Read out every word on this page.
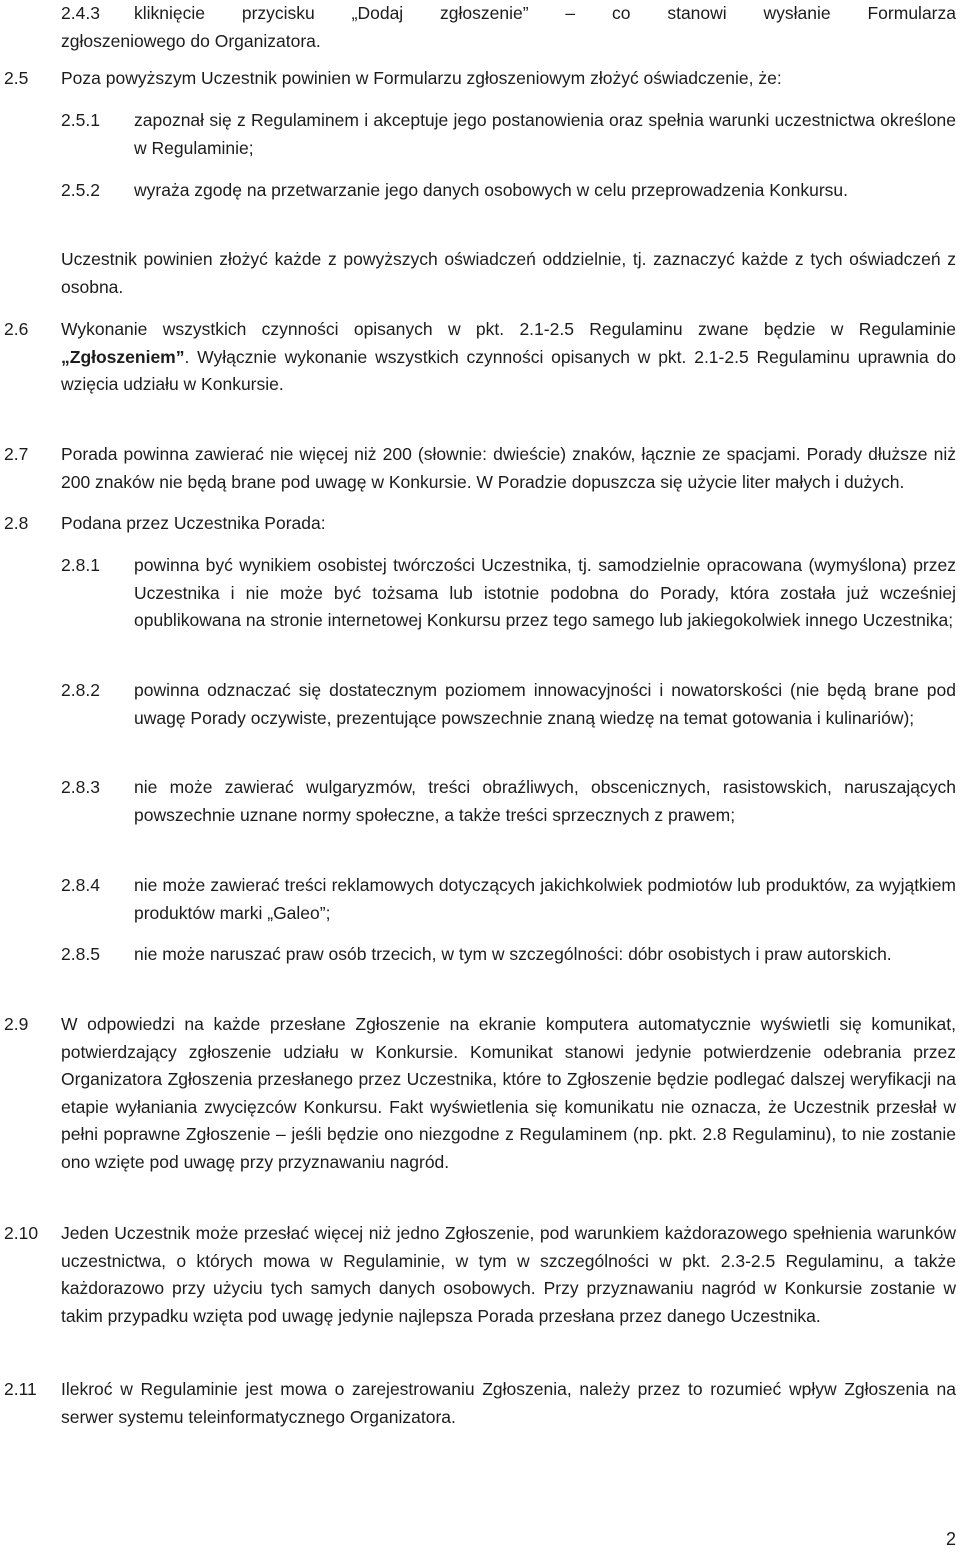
2.4.3 kliknięcie przycisku „Dodaj zgłoszenie” – co stanowi wysłanie Formularza

zgłoszeniowego do Organizatora.
2.5 Poza powyższym Uczestnik powinien w Formularzu zgłoszeniowym złożyć oświadczenie, że:
2.5.1 zapoznał się z Regulaminem i akceptuje jego postanowienia oraz spełnia warunki uczestnictwa określone w Regulaminie;
2.5.2 wyraża zgodę na przetwarzanie jego danych osobowych w celu przeprowadzenia Konkursu.
Uczestnik powinien złożyć każde z powyższych oświadczeń oddzielnie, tj. zaznaczyć każde z tych oświadczeń z osobna.
2.6 Wykonanie wszystkich czynności opisanych w pkt. 2.1-2.5 Regulaminu zwane będzie w Regulaminie „Zgłoszeniem”. Wyłącznie wykonanie wszystkich czynności opisanych w pkt. 2.1-2.5 Regulaminu uprawnia do wzięcia udziału w Konkursie.
2.7 Porada powinna zawierać nie więcej niż 200 (słownie: dwieście) znaków, łącznie ze spacjami. Porady dłuższe niż 200 znaków nie będą brane pod uwagę w Konkursie. W Poradzie dopuszcza się użycie liter małych i dużych.
2.8 Podana przez Uczestnika Porada:
2.8.1 powinna być wynikiem osobistej twórczości Uczestnika, tj. samodzielnie opracowana (wymyślona) przez Uczestnika i nie może być tożsama lub istotnie podobna do Porady, która została już wcześniej opublikowana na stronie internetowej Konkursu przez tego samego lub jakiegokolwiek innego Uczestnika;
2.8.2 powinna odznaczać się dostatecznym poziomem innowacyjności i nowatorskości (nie będą brane pod uwagę Porady oczywiste, prezentujące powszechnie znaną wiedzę na temat gotowania i kulinariów);
2.8.3 nie może zawierać wulgaryzmów, treści obraźliwych, obscenicznych, rasistowskich, naruszających powszechnie uznane normy społeczne, a także treści sprzecznych z prawem;
2.8.4 nie może zawierać treści reklamowych dotyczących jakichkolwiek podmiotów lub produktów, za wyjątkiem produktów marki „Galeo”;
2.8.5 nie może naruszać praw osób trzecich, w tym w szczególności: dóbr osobistych i praw autorskich.
2.9 W odpowiedzi na każde przesłane Zgłoszenie na ekranie komputera automatycznie wyświetli się komunikat, potwierdzający zgłoszenie udziału w Konkursie. Komunikat stanowi jedynie potwierdzenie odebrania przez Organizatora Zgłoszenia przesłanego przez Uczestnika, które to Zgłoszenie będzie podlegać dalszej weryfikacji na etapie wyłaniania zwycięzców Konkursu. Fakt wyświetlenia się komunikatu nie oznacza, że Uczestnik przesłał w pełni poprawne Zgłoszenie – jeśli będzie ono niezgodne z Regulaminem (np. pkt. 2.8 Regulaminu), to nie zostanie ono wzięte pod uwagę przy przyznawaniu nagród.
2.10 Jeden Uczestnik może przesłać więcej niż jedno Zgłoszenie, pod warunkiem każdorazowego spełnienia warunków uczestnictwa, o których mowa w Regulaminie, w tym w szczególności w pkt. 2.3-2.5 Regulaminu, a także każdorazowo przy użyciu tych samych danych osobowych. Przy przyznawaniu nagród w Konkursie zostanie w takim przypadku wzięta pod uwagę jedynie najlepsza Porada przesłana przez danego Uczestnika.
2.11 Ilekroć w Regulaminie jest mowa o zarejestrowaniu Zgłoszenia, należy przez to rozumieć wpływ Zgłoszenia na serwer systemu teleinformatycznego Organizatora.
2
